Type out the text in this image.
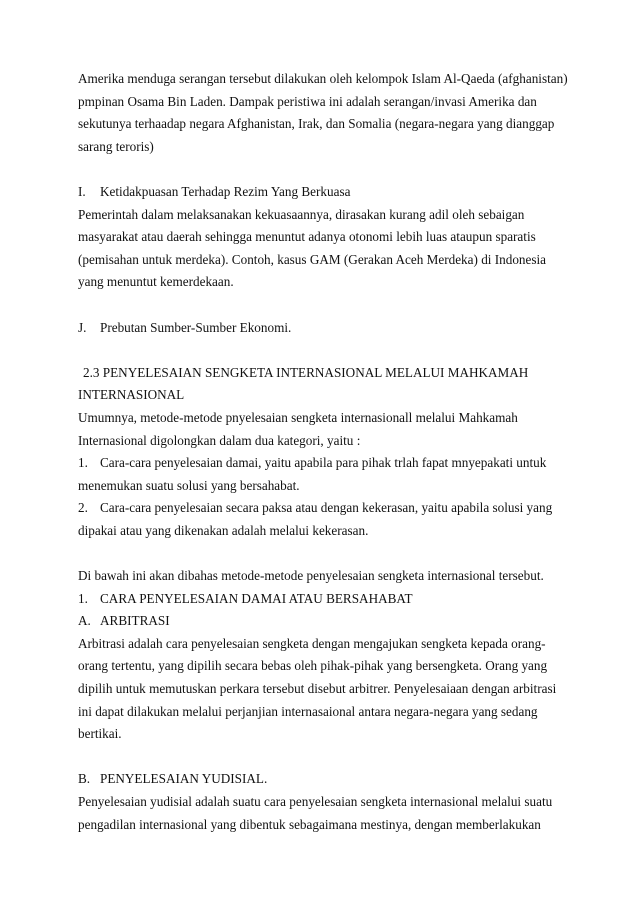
Amerika menduga serangan tersebut dilakukan oleh kelompok Islam Al-Qaeda (afghanistan)
pmpinan Osama Bin Laden. Dampak peristiwa ini adalah serangan/invasi Amerika dan
sekutunya terhaadap negara Afghanistan, Irak, dan Somalia (negara-negara yang dianggap
sarang teroris)
I. Ketidakpuasan Terhadap Rezim Yang Berkuasa
Pemerintah dalam melaksanakan kekuasaannya, dirasakan kurang adil oleh sebaigan
masyarakat atau daerah sehingga menuntut adanya otonomi lebih luas ataupun sparatis
(pemisahan untuk merdeka). Contoh, kasus GAM (Gerakan Aceh Merdeka) di Indonesia
yang menuntut kemerdekaan.
J. Prebutan Sumber-Sumber Ekonomi.
2.3 PENYELESAIAN SENGKETA INTERNASIONAL MELALUI MAHKAMAH
INTERNASIONAL
Umumnya, metode-metode pnyelesaian sengketa internasionall melalui Mahkamah
Internasional digolongkan dalam dua kategori, yaitu :
1. Cara-cara penyelesaian damai, yaitu apabila para pihak trlah fapat mnyepakati untuk
menemukan suatu solusi yang bersahabat.
2. Cara-cara penyelesaian secara paksa atau dengan kekerasan, yaitu apabila solusi yang
dipakai atau yang dikenakan adalah melalui kekerasan.
Di bawah ini akan dibahas metode-metode penyelesaian sengketa internasional tersebut.
1. CARA PENYELESAIAN DAMAI ATAU BERSAHABAT
A. ARBITRASI
Arbitrasi adalah cara penyelesaian sengketa dengan mengajukan sengketa kepada orang-
orang tertentu, yang dipilih secara bebas oleh pihak-pihak yang bersengketa. Orang yang
dipilih untuk memutuskan perkara tersebut disebut arbitrer. Penyelesaiaan dengan arbitrasi
ini dapat dilakukan melalui perjanjian internasaional antara negara-negara yang sedang
bertikai.
B. PENYELESAIAN YUDISIAL.
Penyelesaian yudisial adalah suatu cara penyelesaian sengketa internasional melalui suatu
pengadilan internasional yang dibentuk sebagaimana mestinya, dengan memberlakukan
